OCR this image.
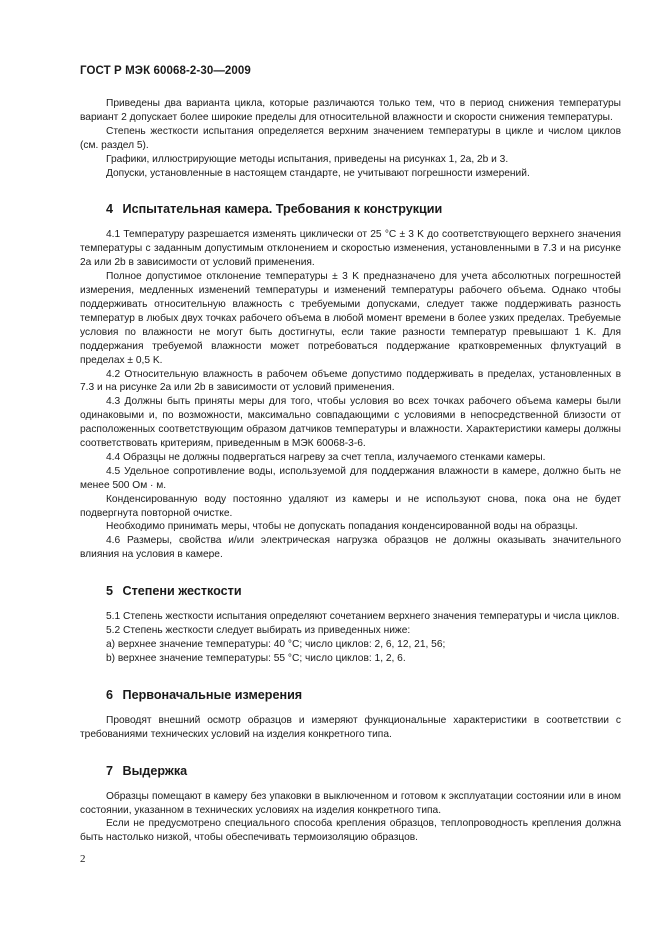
ГОСТ Р МЭК 60068-2-30—2009

Приведены два варианта цикла, которые различаются только тем, что в период снижения температуры вариант 2 допускает более широкие пределы для относительной влажности и скорости снижения температуры.

Степень жесткости испытания определяется верхним значением температуры в цикле и числом циклов (см. раздел 5).

Графики, иллюстрирующие методы испытания, приведены на рисунках 1, 2a, 2b и 3.

Допуски, установленные в настоящем стандарте, не учитывают погрешности измерений.

4 Испытательная камера. Требования к конструкции

4.1 Температуру разрешается изменять циклически от 25 °C ± 3 K до соответствующего верхнего значения температуры с заданным допустимым отклонением и скоростью изменения, установленными в 7.3 и на рисунке 2a или 2b в зависимости от условий применения.

Полное допустимое отклонение температуры ± 3 K предназначено для учета абсолютных погрешностей измерения, медленных изменений температуры и изменений температуры рабочего объема. Однако чтобы поддерживать относительную влажность с требуемыми допусками, следует также поддерживать разность температур в любых двух точках рабочего объема в любой момент времени в более узких пределах. Требуемые условия по влажности не могут быть достигнуты, если такие разности температур превышают 1 K. Для поддержания требуемой влажности может потребоваться поддержание кратковременных флуктуаций в пределах ± 0,5 K.

4.2 Относительную влажность в рабочем объеме допустимо поддерживать в пределах, установленных в 7.3 и на рисунке 2a или 2b в зависимости от условий применения.

4.3 Должны быть приняты меры для того, чтобы условия во всех точках рабочего объема камеры были одинаковыми и, по возможности, максимально совпадающими с условиями в непосредственной близости от расположенных соответствующим образом датчиков температуры и влажности. Характеристики камеры должны соответствовать критериям, приведенным в МЭК 60068-3-6.

4.4 Образцы не должны подвергаться нагреву за счет тепла, излучаемого стенками камеры.

4.5 Удельное сопротивление воды, используемой для поддержания влажности в камере, должно быть не менее 500 Ом · м.

Конденсированную воду постоянно удаляют из камеры и не используют снова, пока она не будет подвергнута повторной очистке.

Необходимо принимать меры, чтобы не допускать попадания конденсированной воды на образцы.

4.6 Размеры, свойства и/или электрическая нагрузка образцов не должны оказывать значительного влияния на условия в камере.

5 Степени жесткости

5.1 Степень жесткости испытания определяют сочетанием верхнего значения температуры и числа циклов.

5.2 Степень жесткости следует выбирать из приведенных ниже:

а) верхнее значение температуры: 40 °C; число циклов: 2, 6, 12, 21, 56;

b) верхнее значение температуры: 55 °C; число циклов: 1, 2, 6.

6 Первоначальные измерения

Проводят внешний осмотр образцов и измеряют функциональные характеристики в соответствии с требованиями технических условий на изделия конкретного типа.

7 Выдержка

Образцы помещают в камеру без упаковки в выключенном и готовом к эксплуатации состоянии или в ином состоянии, указанном в технических условиях на изделия конкретного типа.

Если не предусмотрено специального способа крепления образцов, теплопроводность крепления должна быть настолько низкой, чтобы обеспечивать термоизоляцию образцов.

2
